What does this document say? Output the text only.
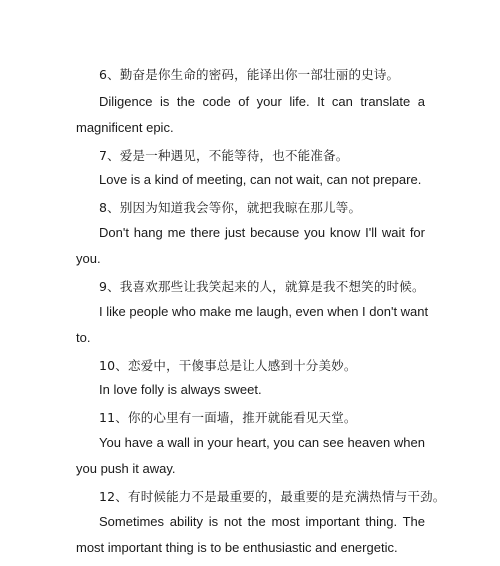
6、勤奋是你生命的密码，能译出你一部壮丽的史诗。
Diligence is the code of your life. It can translate a
magnificent epic.
7、爱是一种遇见，不能等待，也不能准备。
Love is a kind of meeting, can not wait, can not prepare.
8、别因为知道我会等你，就把我晾在那儿等。
Don't hang me there just because you know I'll wait for
you.
9、我喜欢那些让我笑起来的人，就算是我不想笑的时候。
I like people who make me laugh, even when I don't want
to.
10、恋爱中，干傻事总是让人感到十分美妙。
In love folly is always sweet.
11、你的心里有一面墙，推开就能看见天堂。
You have a wall in your heart, you can see heaven when
you push it away.
12、有时候能力不是最重要的，最重要的是充满热情与干劲。
Sometimes ability is not the most important thing. The
most important thing is to be enthusiastic and energetic.
